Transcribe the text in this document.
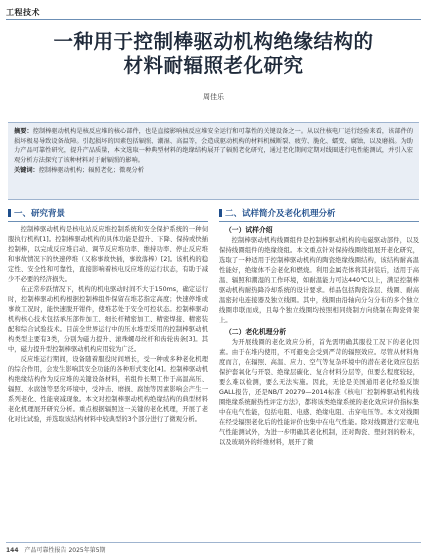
工程技术
一种用于控制棒驱动机构绝缘结构的
材料耐辐照老化研究
周佳乐
摘要：控制棒驱动机构是核反应堆的核心部件，也是直接影响核反应堆安全运行和可靠性的关键设备之一。从以往核电厂运行经验来看，该部件的损坏极易导致设备故障。引起损坏的因素包括辐照、潮湿、高温等，会造成驱动机构的材料机械断裂、疲劳、脆化、蠕变、腐蚀，以及磨损。为助力产品可靠性研究，提升产品质量，本文选取一种典型材料的绝缘结构展开了辐照老化研究，通过老化期间定期对线圈进行电性能测试，并引入宏观分析方法探究了该种材料对于耐辐照的影响。
关键词：控制棒驱动机构；辐照老化；微观分析
一、研究背景

控制棒驱动机构是核电站反应堆控制系统和安全保护系统的一种伺服执行机构[1]。控制棒驱动机构的具体功能是提升、下降、保持或快插控制棒，以完成反应堆启动、调节反应堆功率、维持功率、停止反应堆和事故情况下的快速停堆（又称事故快插，事故落棒）[2]。该机构的稳定性、安全性和可靠性，直接影响着核电反应堆的运行状态，有助于减少不必要的经济损失。

在正常步跃情况下，机构的机电驱动时间不大于150ms，确定运行时，控制棒驱动机构根据控制棒组件保留在堆芯指定高度；快速停堆或事故工况时，能快速脱开钳件，使堆芯处于安全可控状态。控制棒驱动机构核心技术包括承压部件加工、细长杆精密加工、精密焊接、精密装配和综合试验技术。目前全世界运行中的压水堆型采用的控制棒驱动机构类型主要有3类，分别为磁力提升、滚珠螺母丝杆和齿轮齿条[3]。其中，磁力提升型控制棒驱动机构应用较为广泛。

反应堆运行期间，设备随着服役时间增长，受一种或多种老化机理的综合作用，会发生影响其安全功能的各种形式变化[4]。控制棒驱动机构绝缘结构作为反应堆的关键设备材料，若组件长期工作于高温高压、辐照、水腐蚀等恶劣环境中，受冲击、磨损、腐蚀等因素影响会产生一系列老化、性能衰减现象。本文对控制棒驱动机构绝缘结构的典型材料老化机理展开研究分析。重点根据辐照这一关键的老化机理，开展了老化对比试验，并选取该结构材料中较典型的3个部分进行了微观分析。

二、试样简介及老化机理分析
（一）试样介绍

控制棒驱动机构线圈组件是控制棒驱动机构的电磁驱动部件，以及保持线圈组件的绝缘绕组。本文重点针对保持线圈绕组展开老化研究，选取了一种适用于控制棒驱动机构的陶瓷绝缘线圈结构，该结构耐高温性能好，绝缘体不会老化和燃烧。利用金属壳体将其封装后，适用于高温、辐照和潮湿的工作环境，如耐温能力可达440℃以上，满足控制棒驱动机构耐热降冷却系统的设计要求。样品包括陶瓷涂层、线圈、耐高温密封电连接器及独立线圈。其中，线圈由沿轴向分匀分布的多个独立线圈串联而成，且每个独立线圈均按照相同绕制方向绕制在陶瓷骨架上。

（二）老化机理分析

为开展线圈的老化效应分析，首先需明确其服役工况下的老化因素。由于在堆内使用，不可避免会受到严苛的辐照效应。尽管从材料角度而言，在辐照、高温、应力、空气等复杂环境中的潜在老化效应包括保护套氧化与开裂、绝缘层碳化、复合材料分层等，但要么程度较轻，要么难以检测，要么无法实施。因此，无论是美国通用老化经验反馈GALL报告，还是NB/T 20279—2014标准《核电厂控制棒驱动机构线圈绝缘系统耐热性评定方法》，都将该类绝缘系统的老化效应评价指标集中在电气性能，包括电阻、电感、绝缘电阻、击穿电压等。本文对线圈在经受辐照老化后的性能评价也集中在电气性能。除对线圈进行宏观电气性能测试外，为进一步明确其老化机制，还对陶瓷、塑封剂的粉末，以及玻璃外的纤维材料，展开了微

144 产品可靠性报告 2025年第5期
